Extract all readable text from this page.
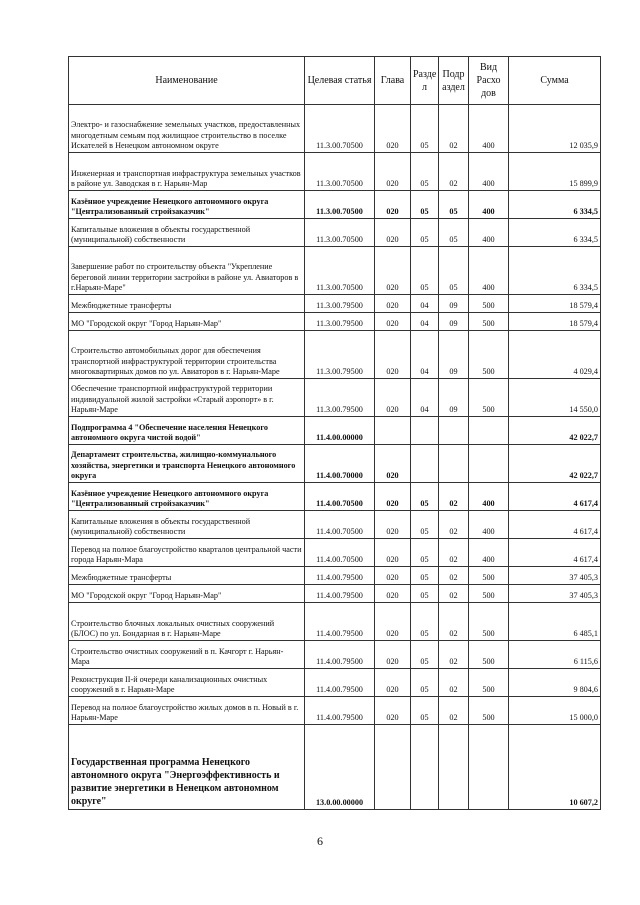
Наименование	Целевая статья	Глава	Разде л	Подр аздел	Вид Расхо дов	Сумма
Электро- и газоснабжение земельных участков, предоставленных многодетным семьям под жилищное строительство в поселке Искателей в Ненецком автономном округе	11.3.00.70500	020	05	02	400	12 035,9
Инженерная и транспортная инфраструктура земельных участков в районе ул. Заводская в г. Нарьян-Мар	11.3.00.70500	020	05	02	400	15 899,9
Казённое учреждение Ненецкого автономного округа "Централизованный стройзаказчик"	11.3.00.70500	020	05	05	400	6 334,5
Капитальные вложения в объекты государственной (муниципальной) собственности	11.3.00.70500	020	05	05	400	6 334,5
Завершение работ по строительству объекта "Укрепление береговой линии территории застройки в районе ул. Авиаторов в г.Нарьян-Маре"	11.3.00.70500	020	05	05	400	6 334,5
Межбюджетные трансферты	11.3.00.79500	020	04	09	500	18 579,4
МО "Городской округ "Город Нарьян-Мар"	11.3.00.79500	020	04	09	500	18 579,4
Строительство автомобильных дорог для обеспечения транспортной инфраструктурой территории строительства многоквартирных домов по ул. Авиаторов в г. Нарьян-Маре	11.3.00.79500	020	04	09	500	4 029,4
Обеспечение транспортной инфраструктурой территории индивидуальной жилой застройки «Старый аэропорт» в г. Нарьян-Маре	11.3.00.79500	020	04	09	500	14 550,0
Подпрограмма 4 "Обеспечение населения Ненецкого автономного округа чистой водой"	11.4.00.00000					42 022,7
Департамент строительства, жилищно-коммунального хозяйства, энергетики и транспорта Ненецкого автономного округа	11.4.00.70000	020				42 022,7
Казённое учреждение Ненецкого автономного округа "Централизованный стройзаказчик"	11.4.00.70500	020	05	02	400	4 617,4
Капитальные вложения в объекты государственной (муниципальной) собственности	11.4.00.70500	020	05	02	400	4 617,4
Перевод на полное благоустройство кварталов центральной части города Нарьян-Мара	11.4.00.70500	020	05	02	400	4 617,4
Межбюджетные трансферты	11.4.00.79500	020	05	02	500	37 405,3
МО "Городской округ "Город Нарьян-Мар"	11.4.00.79500	020	05	02	500	37 405,3
Строительство блочных локальных очистных сооружений (БЛОС) по ул. Бондарная в г. Нарьян-Маре	11.4.00.79500	020	05	02	500	6 485,1
Строительство очистных сооружений в п. Качгорт г. Нарьян-Мара	11.4.00.79500	020	05	02	500	6 115,6
Реконструкция II-й очереди канализационных очистных сооружений в г. Нарьян-Маре	11.4.00.79500	020	05	02	500	9 804,6
Перевод на полное благоустройство жилых домов в п. Новый в г. Нарьян-Маре	11.4.00.79500	020	05	02	500	15 000,0
Государственная программа Ненецкого автономного округа "Энергоэффективность и развитие энергетики в Ненецком автономном округе"	13.0.00.00000					10 607,2
6
